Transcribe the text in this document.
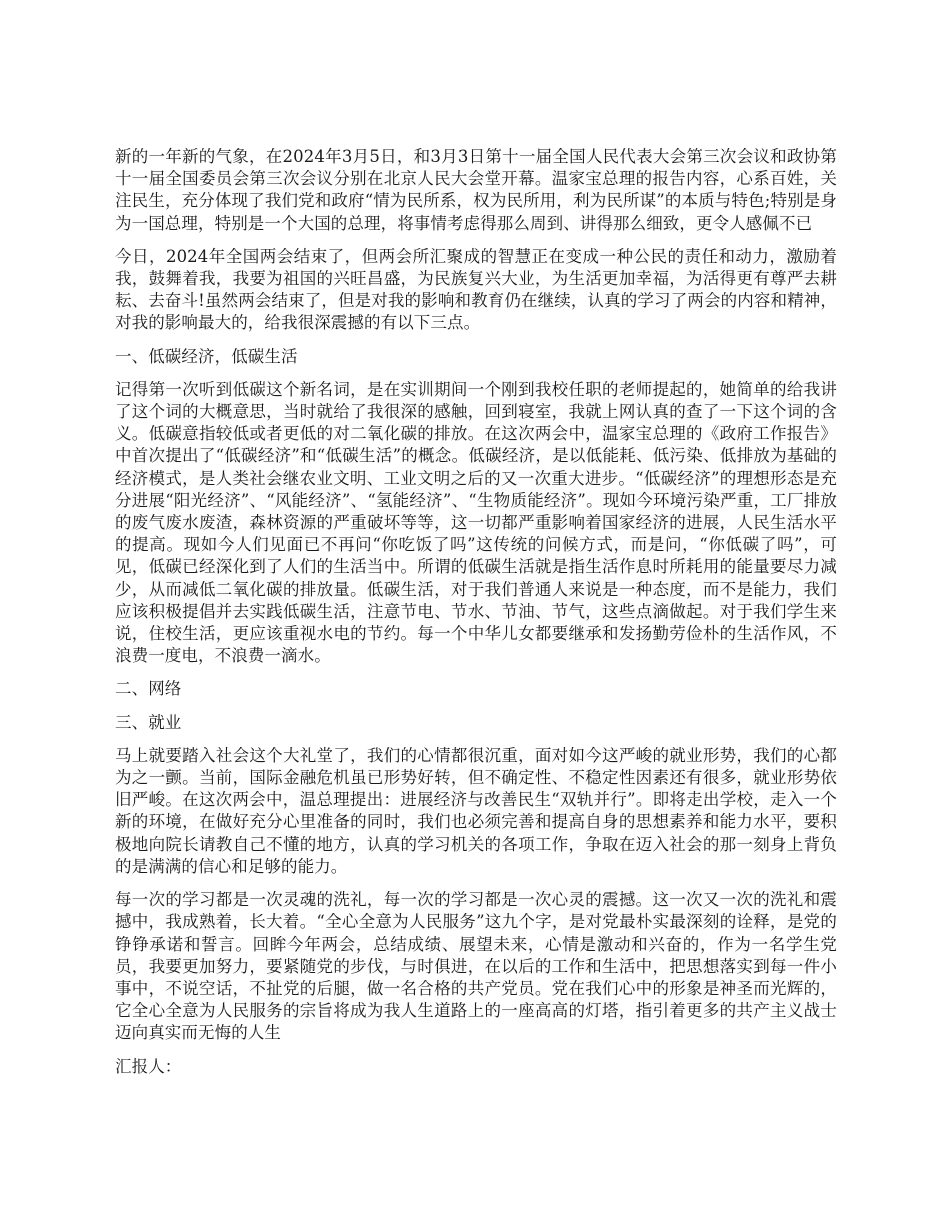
新的一年新的气象，在2024年3月5日，和3月3日第十一届全国人民代表大会第三次会议和政协第十一届全国委员会第三次会议分别在北京人民大会堂开幕。温家宝总理的报告内容，心系百姓，关注民生，充分体现了我们党和政府“情为民所系，权为民所用，利为民所谋”的本质与特色;特别是身为一国总理，特别是一个大国的总理，将事情考虑得那么周到、讲得那么细致，更令人感佩不已

今日，2024年全国两会结束了，但两会所汇聚成的智慧正在变成一种公民的责任和动力，激励着我，鼓舞着我，我要为祖国的兴旺昌盛，为民族复兴大业，为生活更加幸福，为活得更有尊严去耕耘、去奋斗!虽然两会结束了，但是对我的影响和教育仍在继续，认真的学习了两会的内容和精神，对我的影响最大的，给我很深震撼的有以下三点。

一、低碳经济，低碳生活

记得第一次听到低碳这个新名词，是在实训期间一个刚到我校任职的老师提起的，她简单的给我讲了这个词的大概意思，当时就给了我很深的感触，回到寝室，我就上网认真的查了一下这个词的含义。低碳意指较低或者更低的对二氧化碳的排放。在这次两会中，温家宝总理的《政府工作报告》中首次提出了“低碳经济”和“低碳生活”的概念。低碳经济，是以低能耗、低污染、低排放为基础的经济模式，是人类社会继农业文明、工业文明之后的又一次重大进步。“低碳经济”的理想形态是充分进展“阳光经济”、“风能经济”、“氢能经济”、“生物质能经济”。现如今环境污染严重，工厂排放的废气废水废渣，森林资源的严重破坏等等，这一切都严重影响着国家经济的进展，人民生活水平的提高。现如今人们见面已不再问“你吃饭了吗”这传统的问候方式，而是问，“你低碳了吗”，可见，低碳已经深化到了人们的生活当中。所谓的低碳生活就是指生活作息时所耗用的能量要尽力减少，从而减低二氧化碳的排放量。低碳生活，对于我们普通人来说是一种态度，而不是能力，我们应该积极提倡并去实践低碳生活，注意节电、节水、节油、节气，这些点滴做起。对于我们学生来说，住校生活，更应该重视水电的节约。每一个中华儿女都要继承和发扬勤劳俭朴的生活作风，不浪费一度电，不浪费一滴水。

二、网络

三、就业

马上就要踏入社会这个大礼堂了，我们的心情都很沉重，面对如今这严峻的就业形势，我们的心都为之一颤。当前，国际金融危机虽已形势好转，但不确定性、不稳定性因素还有很多，就业形势依旧严峻。在这次两会中，温总理提出：进展经济与改善民生“双轨并行”。即将走出学校，走入一个新的环境，在做好充分心里准备的同时，我们也必须完善和提高自身的思想素养和能力水平，要积极地向院长请教自己不懂的地方，认真的学习机关的各项工作，争取在迈入社会的那一刻身上背负的是满满的信心和足够的能力。

每一次的学习都是一次灵魂的洗礼，每一次的学习都是一次心灵的震撼。这一次又一次的洗礼和震撼中，我成熟着，长大着。“全心全意为人民服务”这九个字，是对党最朴实最深刻的诠释，是党的铮铮承诺和誓言。回眸今年两会，总结成绩、展望未来，心情是激动和兴奋的，作为一名学生党员，我要更加努力，要紧随党的步伐，与时俱进，在以后的工作和生活中，把思想落实到每一件小事中，不说空话，不扯党的后腿，做一名合格的共产党员。党在我们心中的形象是神圣而光辉的，它全心全意为人民服务的宗旨将成为我人生道路上的一座高高的灯塔，指引着更多的共产主义战士迈向真实而无悔的人生

汇报人：
